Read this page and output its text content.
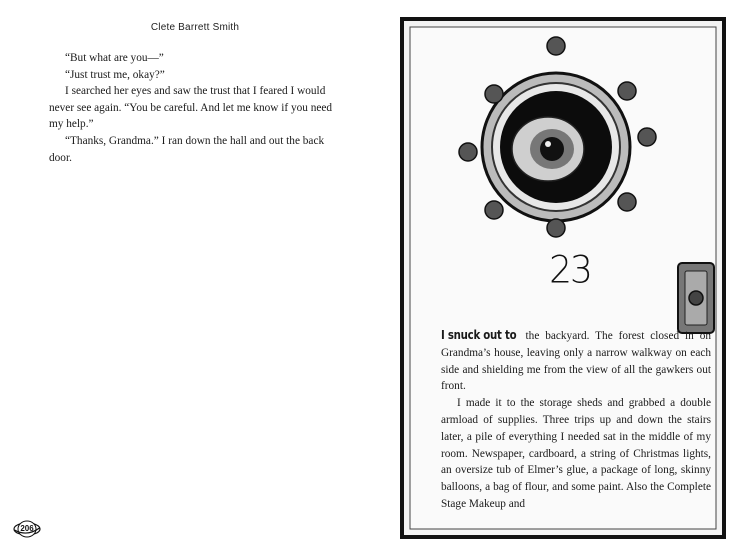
Clete Barrett Smith

“But what are you—”

“Just trust me, okay?”

I searched her eyes and saw the trust that I feared I would never see again. “You be careful. And let me know if you need my help.”

“Thanks, Grandma.” I ran down the hall and out the back door.

206
23

I snuck out to the backyard. The forest closed in on Grandma’s house, leaving only a narrow walkway on each side and shielding me from the view of all the gawkers out front.

I made it to the storage sheds and grabbed a double armload of supplies. Three trips up and down the stairs later, a pile of everything I needed sat in the middle of my room. Newspaper, cardboard, a string of Christmas lights, an oversize tub of Elmer’s glue, a package of long, skinny balloons, a bag of flour, and some paint. Also the Complete Stage Makeup and
